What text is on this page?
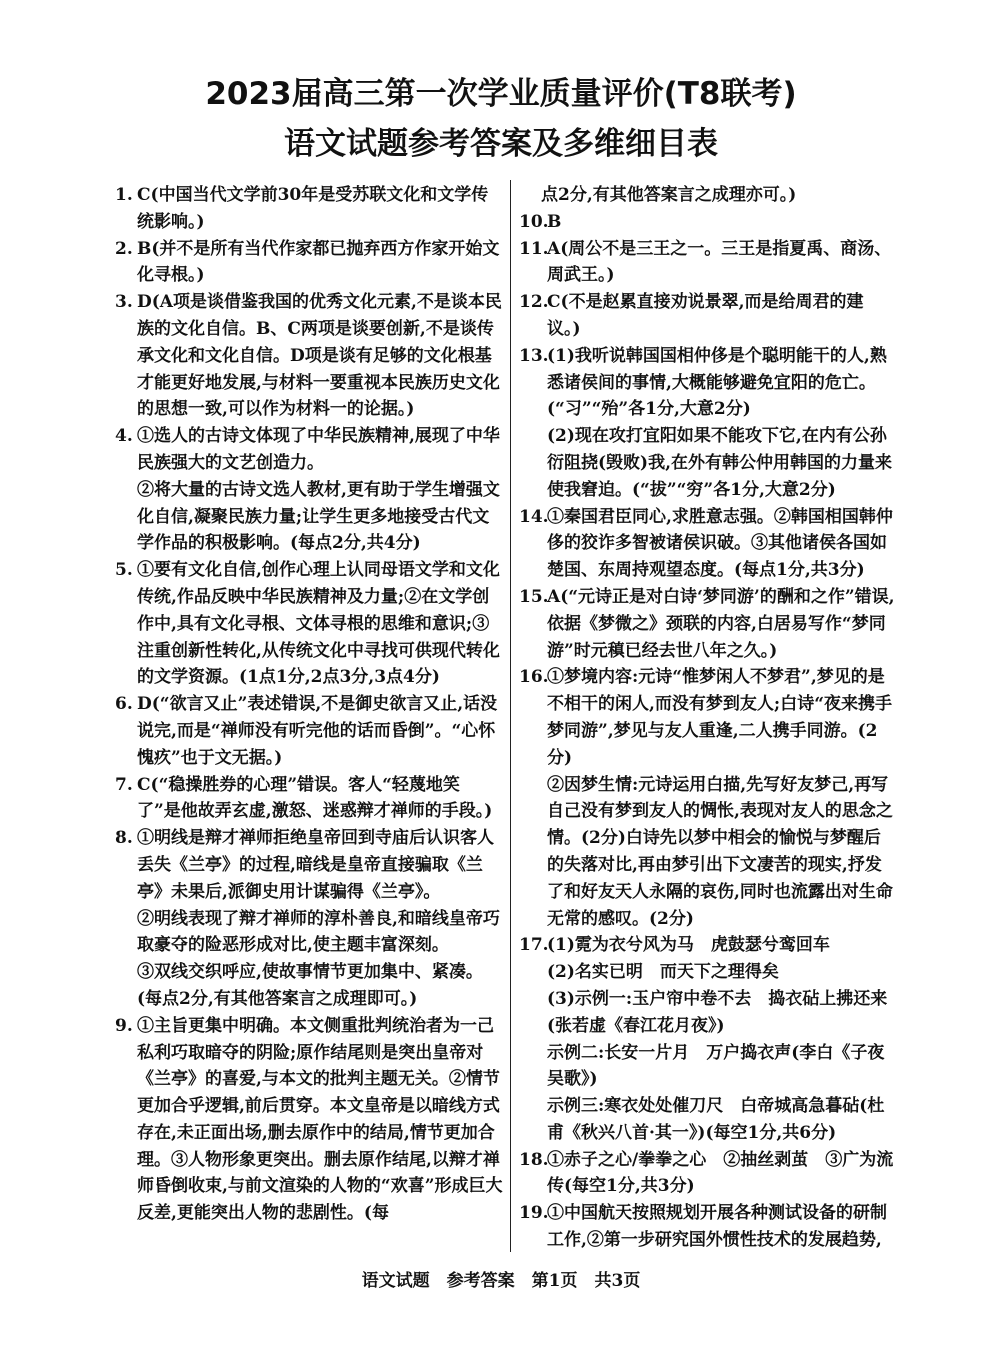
2023届高三第一次学业质量评价(T8联考)
语文试题参考答案及多维细目表
1. C(中国当代文学前30年是受苏联文化和文学传统影响。)

2. B(并不是所有当代作家都已抛弃西方作家开始文化寻根。)

3. D(A项是谈借鉴我国的优秀文化元素,不是谈本民族的文化自信。B、C两项是谈要创新,不是谈传承文化和文化自信。D项是谈有足够的文化根基才能更好地发展,与材料一要重视本民族历史文化的思想一致,可以作为材料一的论据。)

4. ①选人的古诗文体现了中华民族精神,展现了中华民族强大的文艺创造力。

②将大量的古诗文选人教材,更有助于学生增强文化自信,凝聚民族力量;让学生更多地接受古代文学作品的积极影响。(每点2分,共4分)

5. ①要有文化自信,创作心理上认同母语文学和文化传统,作品反映中华民族精神及力量;②在文学创作中,具有文化寻根、文体寻根的思维和意识;③注重创新性转化,从传统文化中寻找可供现代转化的文学资源。(1点1分,2点3分,3点4分)

6. D(“欲言又止”表述错误,不是御史欲言又止,话没说完,而是“禅师没有听完他的话而昏倒”。“心怀愧疚”也于文无据。)

7. C(“稳操胜券的心理”错误。客人“轻蔑地笑了”是他故弄玄虚,激怒、迷惑辩才禅师的手段。)

8. ①明线是辩才禅师拒绝皇帝回到寺庙后认识客人丢失《兰亭》的过程,暗线是皇帝直接骗取《兰亭》未果后,派御史用计谋骗得《兰亭》。

②明线表现了辩才禅师的淳朴善良,和暗线皇帝巧取豪夺的险恶形成对比,使主题丰富深刻。

③双线交织呼应,使故事情节更加集中、紧凑。(每点2分,有其他答案言之成理即可。)

9. ①主旨更集中明确。本文侧重批判统治者为一己私利巧取暗夺的阴险;原作结尾则是突出皇帝对《兰亭》的喜爱,与本文的批判主题无关。②情节更加合乎逻辑,前后贯穿。本文皇帝是以暗线方式存在,未正面出场,删去原作中的结局,情节更加合理。③人物形象更突出。删去原作结尾,以辩才禅师昏倒收束,与前文渲染的人物的“欢喜”形成巨大反差,更能突出人物的悲剧性。(每

点2分,有其他答案言之成理亦可。)

10.

B

11.

A(周公不是三王之一。三王是指夏禹、商汤、周武王。)

12.

C(不是赵累直接劝说景翠,而是给周君的建议。)

13.

(1)我听说韩国国相仲侈是个聪明能干的人,熟悉诸侯间的事情,大概能够避免宜阳的危亡。(“习”“殆”各1分,大意2分)

(2)现在攻打宜阳如果不能攻下它,在内有公孙衍阻挠(毁败)我,在外有韩公仲用韩国的力量来使我窘迫。(“拔”“穷”各1分,大意2分)

14.

①秦国君臣同心,求胜意志强。②韩国相国韩仲侈的狡诈多智被诸侯识破。③其他诸侯各国如楚国、东周持观望态度。(每点1分,共3分)

15.

A(“元诗正是对白诗‘梦同游’的酬和之作”错误,依据《梦微之》颈联的内容,白居易写作“梦同游”时元稹已经去世八年之久。)

16.

①梦境内容:元诗“惟梦闲人不梦君”,梦见的是不相干的闲人,而没有梦到友人;白诗“夜来携手梦同游”,梦见与友人重逢,二人携手同游。(2分)

②因梦生情:元诗运用白描,先写好友梦己,再写自己没有梦到友人的惆怅,表现对友人的思念之情。(2分)白诗先以梦中相会的愉悦与梦醒后的失落对比,再由梦引出下文凄苦的现实,抒发了和好友天人永隔的哀伤,同时也流露出对生命无常的感叹。(2分)

17.

(1)霓为衣兮风为马　虎鼓瑟兮鸾回车

(2)名实已明　而天下之理得矣

(3)示例一:玉户帘中卷不去　捣衣砧上拂还来(张若虚《春江花月夜》)

示例二:长安一片月　万户捣衣声(李白《子夜吴歌》)

示例三:寒衣处处催刀尺　白帝城高急暮砧(杜甫《秋兴八首·其一》)(每空1分,共6分)

18.

①赤子之心/拳拳之心　②抽丝剥茧　③广为流传(每空1分,共3分)

19.

①中国航天按照规划开展各种测试设备的研制工作,②第一步研究国外惯性技术的发展趋势,

语文试题　参考答案　第1页　共3页
